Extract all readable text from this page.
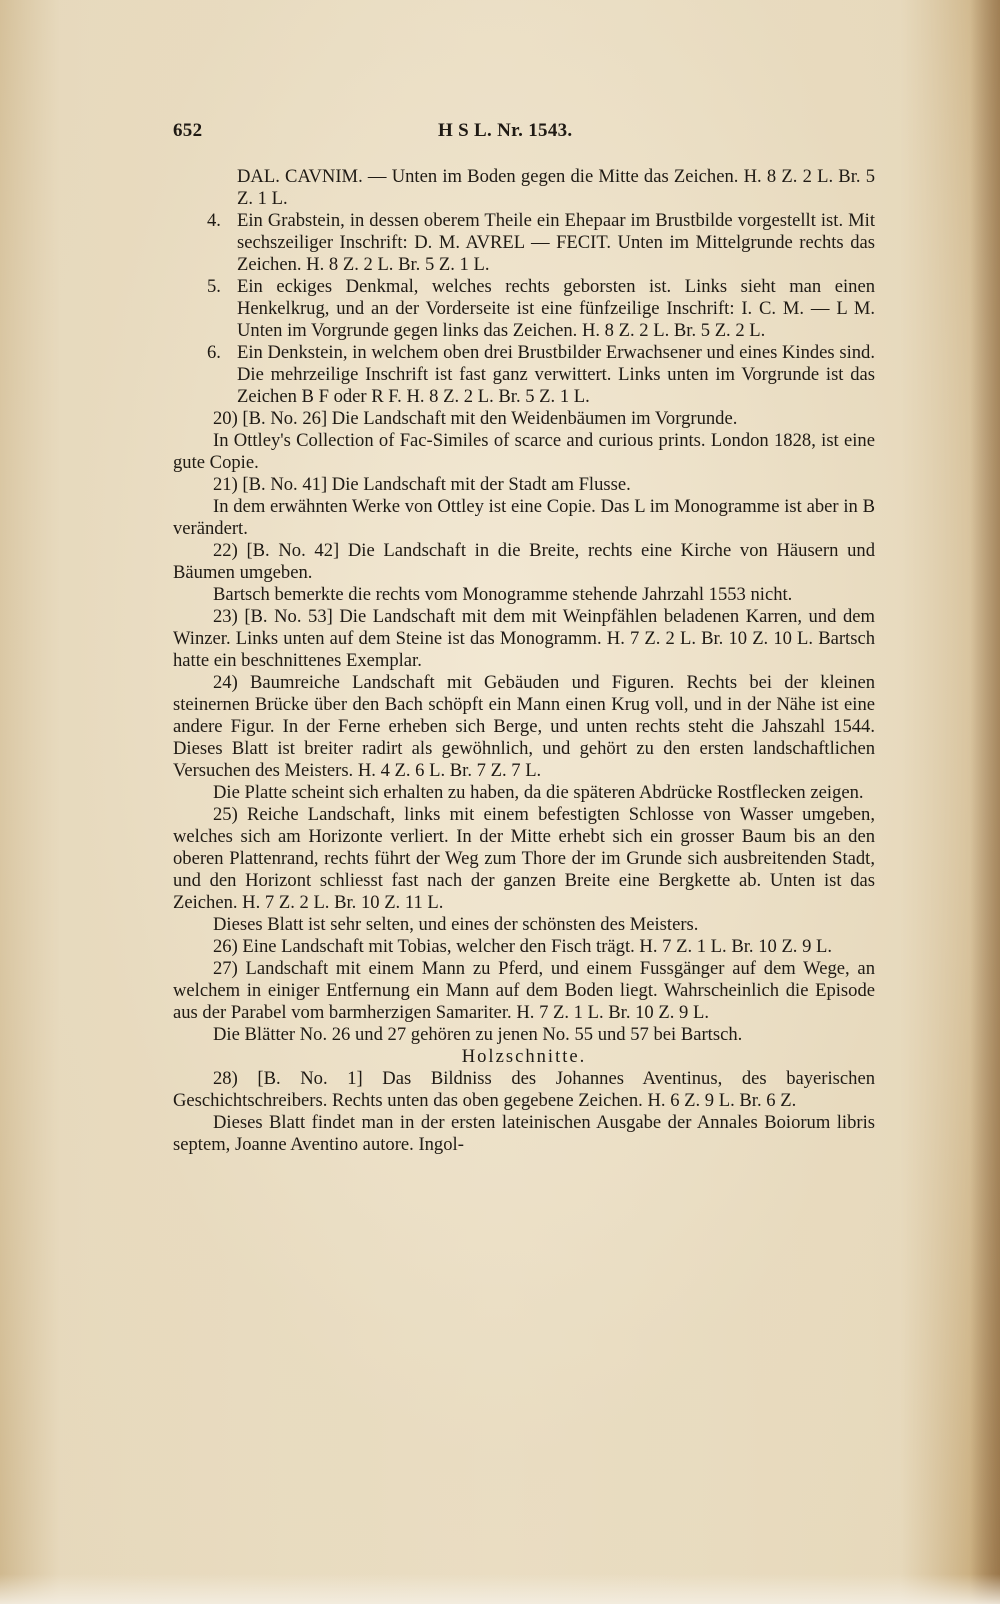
652	H S L. Nr. 1543.

DAL. CAVNIM. — Unten im Boden gegen die Mitte das Zeichen. H. 8 Z. 2 L. Br. 5 Z. 1 L.

4. Ein Grabstein, in dessen oberem Theile ein Ehepaar im Brustbilde vorgestellt ist. Mit sechszeiliger Inschrift: D. M. AVREL — FECIT. Unten im Mittelgrunde rechts das Zeichen. H. 8 Z. 2 L. Br. 5 Z. 1 L.

5. Ein eckiges Denkmal, welches rechts geborsten ist. Links sieht man einen Henkelkrug, und an der Vorderseite ist eine fünfzeilige Inschrift: I. C. M. — L M. Unten im Vorgrunde gegen links das Zeichen. H. 8 Z. 2 L. Br. 5 Z. 2 L.

6. Ein Denkstein, in welchem oben drei Brustbilder Erwachsener und eines Kindes sind. Die mehrzeilige Inschrift ist fast ganz verwittert. Links unten im Vorgrunde ist das Zeichen B F oder R F. H. 8 Z. 2 L. Br. 5 Z. 1 L.

20) [B. No. 26] Die Landschaft mit den Weidenbäumen im Vorgrunde.

In Ottley's Collection of Fac-Similes of scarce and curious prints. London 1828, ist eine gute Copie.

21) [B. No. 41] Die Landschaft mit der Stadt am Flusse.

In dem erwähnten Werke von Ottley ist eine Copie. Das L im Monogramme ist aber in B verändert.

22) [B. No. 42] Die Landschaft in die Breite, rechts eine Kirche von Häusern und Bäumen umgeben.

Bartsch bemerkte die rechts vom Monogramme stehende Jahrzahl 1553 nicht.

23) [B. No. 53] Die Landschaft mit dem mit Weinpfählen beladenen Karren, und dem Winzer. Links unten auf dem Steine ist das Monogramm. H. 7 Z. 2 L. Br. 10 Z. 10 L. Bartsch hatte ein beschnittenes Exemplar.

24) Baumreiche Landschaft mit Gebäuden und Figuren. Rechts bei der kleinen steinernen Brücke über den Bach schöpft ein Mann einen Krug voll, und in der Nähe ist eine andere Figur. In der Ferne erheben sich Berge, und unten rechts steht die Jahszahl 1544. Dieses Blatt ist breiter radirt als gewöhnlich, und gehört zu den ersten landschaftlichen Versuchen des Meisters. H. 4 Z. 6 L. Br. 7 Z. 7 L.

Die Platte scheint sich erhalten zu haben, da die späteren Abdrücke Rostflecken zeigen.

25) Reiche Landschaft, links mit einem befestigten Schlosse von Wasser umgeben, welches sich am Horizonte verliert. In der Mitte erhebt sich ein grosser Baum bis an den oberen Plattenrand, rechts führt der Weg zum Thore der im Grunde sich ausbreitenden Stadt, und den Horizont schliesst fast nach der ganzen Breite eine Bergkette ab. Unten ist das Zeichen. H. 7 Z. 2 L. Br. 10 Z. 11 L.

Dieses Blatt ist sehr selten, und eines der schönsten des Meisters.

26) Eine Landschaft mit Tobias, welcher den Fisch trägt. H. 7 Z. 1 L. Br. 10 Z. 9 L.

27) Landschaft mit einem Mann zu Pferd, und einem Fussgänger auf dem Wege, an welchem in einiger Entfernung ein Mann auf dem Boden liegt. Wahrscheinlich die Episode aus der Parabel vom barmherzigen Samariter. H. 7 Z. 1 L. Br. 10 Z. 9 L.

Die Blätter No. 26 und 27 gehören zu jenen No. 55 und 57 bei Bartsch.

Holzschnitte.

28) [B. No. 1] Das Bildniss des Johannes Aventinus, des bayerischen Geschichtschreibers. Rechts unten das oben gegebene Zeichen. H. 6 Z. 9 L. Br. 6 Z.

Dieses Blatt findet man in der ersten lateinischen Ausgabe der Annales Boiorum libris septem, Joanne Aventino autore. Ingol-
